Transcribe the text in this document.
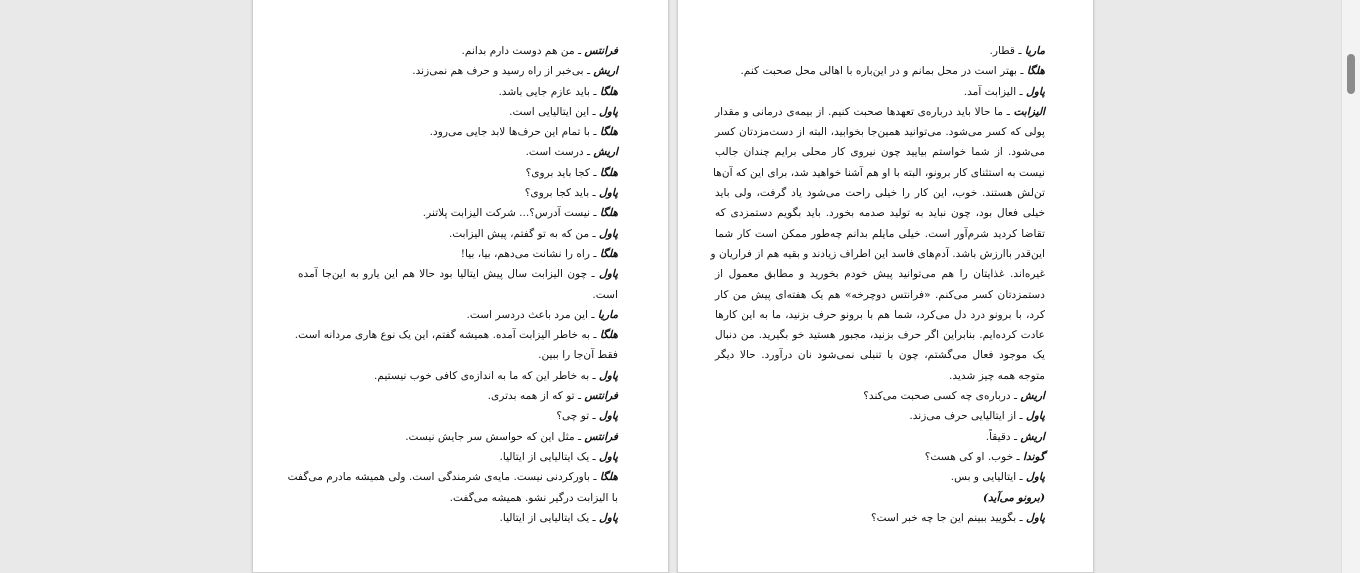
فرانتس ـ من هم دوست دارم بدانم.
اریش ـ بی‌خبر از راه رسید و حرف هم نمی‌زند.
هلگا ـ باید عازم جایی باشد.
پاول ـ این ایتالیایی است.
هلگا ـ با تمام این حرف‌ها لابد جایی می‌رود.
اریش ـ درست است.
هلگا ـ کجا باید بروی؟
پاول ـ باید کجا بروی؟
هلگا ـ نیست آدرس؟... شرکت الیزابت پلاتنر.
پاول ـ من که به تو گفتم، پیش الیزابت.
هلگا ـ راه را نشانت می‌دهم، بیا، بیا!
پاول ـ چون الیزابت سال پیش ایتالیا بود حالا هم این یارو به این‌جا آمده
است.
ماریا ـ این مرد باعث دردسر است.
هلگا ـ به خاطر الیزابت آمده. همیشه گفتم، این یک نوع هاری مردانه است.
فقط آن‌جا را ببین.
پاول ـ به خاطر این که ما به اندازه‌ی کافی خوب نیستیم.
فرانتس ـ تو که از همه بدتری.
پاول ـ تو چی؟
فرانتس ـ مثل این که حواسش سر جایش نیست.
پاول ـ یک ایتالیایی از ایتالیا.
هلگا ـ باورکردنی نیست. مایه‌ی شرمندگی است. ولی همیشه مادرم می‌گفت
با الیزابت درگیر نشو. همیشه می‌گفت.
پاول ـ یک ایتالیایی از ایتالیا.
ماریا ـ قطار.
هلگا ـ بهتر است در محل بمانم و در این‌باره با اهالی محل صحبت کنم.
پاول ـ الیزابت آمد.
الیزابت ـ ما حالا باید درباره‌ی تعهدها صحبت کنیم. از بیمه‌ی درمانی و مقدار
پولی که کسر می‌شود. می‌توانید همین‌جا بخوابید، البته از دست‌مزدتان کسر
می‌شود. از شما خواستم بیایید چون نیروی کار محلی برایم چندان جالب
نیست به استثنای کار برونو، البته با او هم آشنا خواهید شد، برای این که آن‌ها
تن‌لش هستند. خوب، این کار را خیلی راحت می‌شود یاد گرفت، ولی باید
خیلی فعال بود، چون نباید به تولید صدمه بخورد. باید بگویم دستمزدی که
تقاضا کردید شرم‌آور است. خیلی مایلم بدانم چه‌طور ممکن است کار شما
این‌قدر باارزش باشد. آدم‌های فاسد این اطراف زیادند و بقیه هم از فراریان و
غیره‌اند. غذایتان را هم می‌توانید پیش خودم بخورید و مطابق معمول از
دستمزدتان کسر می‌کنم. «فرانتس دوچرخه» هم یک هفته‌ای پیش من کار
کرد، با برونو درد دل می‌کرد، شما هم با برونو حرف بزنید، ما به این کارها
عادت کرده‌ایم. بنابراین اگر حرف بزنید، مجبور هستید خو بگیرید. من دنبال
یک موجود فعال می‌گشتم، چون با تنبلی نمی‌شود نان درآورد. حالا دیگر
متوجه همه چیز شدید.
اریش ـ درباره‌ی چه کسی صحبت می‌کند؟
پاول ـ از ایتالیایی حرف می‌زند.
اریش ـ دقیقاً.
گوندا ـ خوب. او کی هست؟
پاول ـ ایتالیایی و بس.
(برونو می‌آید)
پاول ـ بگویید ببینم این جا چه خبر است؟
